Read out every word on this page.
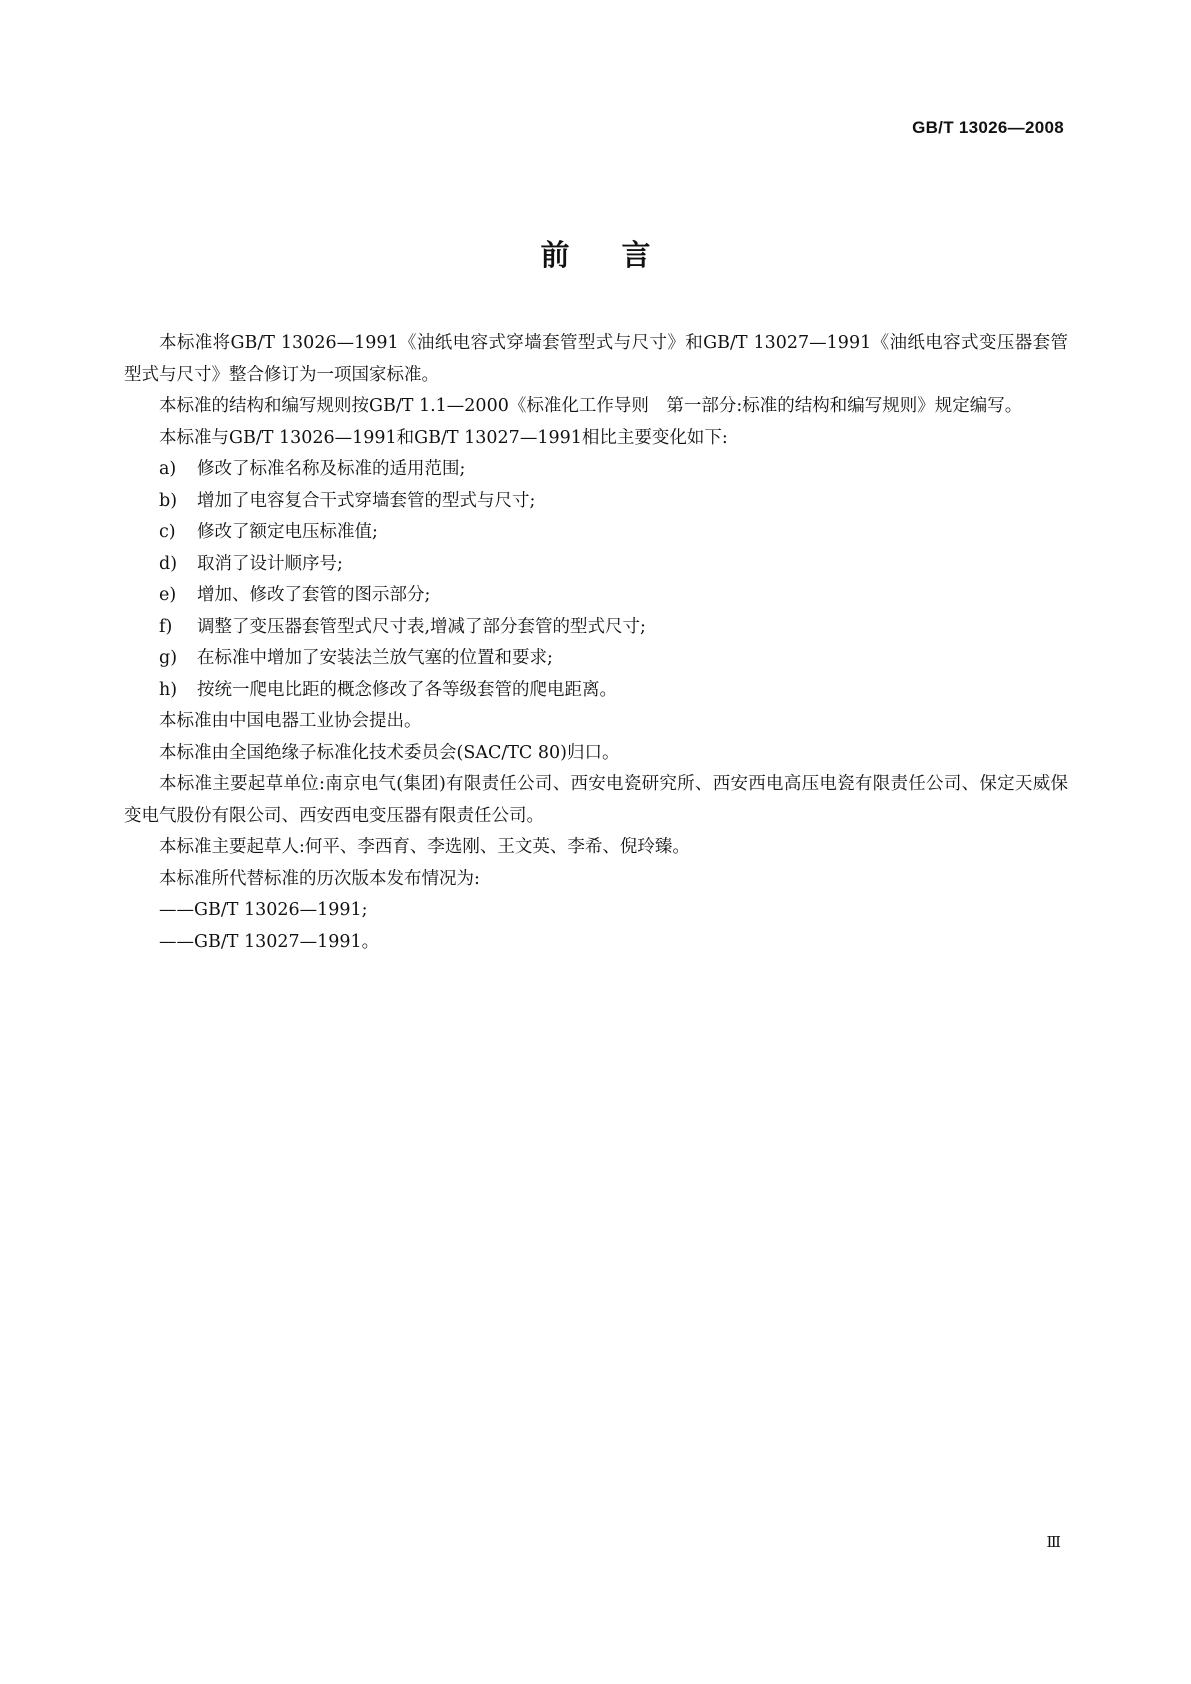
GB/T 13026—2008
前言

本标准将GB/T 13026—1991《油纸电容式穿墙套管型式与尺寸》和GB/T 13027—1991《油纸电容式变压器套管型式与尺寸》整合修订为一项国家标准。

本标准的结构和编写规则按GB/T 1.1—2000《标准化工作导则　第一部分:标准的结构和编写规则》规定编写。

本标准与GB/T 13026—1991和GB/T 13027—1991相比主要变化如下:

a) 修改了标准名称及标准的适用范围;

b) 增加了电容复合干式穿墙套管的型式与尺寸;

c) 修改了额定电压标准值;

d) 取消了设计顺序号;

e) 增加、修改了套管的图示部分;

f) 调整了变压器套管型式尺寸表,增减了部分套管的型式尺寸;

g) 在标准中增加了安装法兰放气塞的位置和要求;

h) 按统一爬电比距的概念修改了各等级套管的爬电距离。

本标准由中国电器工业协会提出。

本标准由全国绝缘子标准化技术委员会(SAC/TC 80)归口。

本标准主要起草单位:南京电气(集团)有限责任公司、西安电瓷研究所、西安西电高压电瓷有限责任公司、保定天威保变电气股份有限公司、西安西电变压器有限责任公司。

本标准主要起草人:何平、李西育、李选刚、王文英、李希、倪玲臻。

本标准所代替标准的历次版本发布情况为:

——GB/T 13026—1991;

——GB/T 13027—1991。

Ⅲ
